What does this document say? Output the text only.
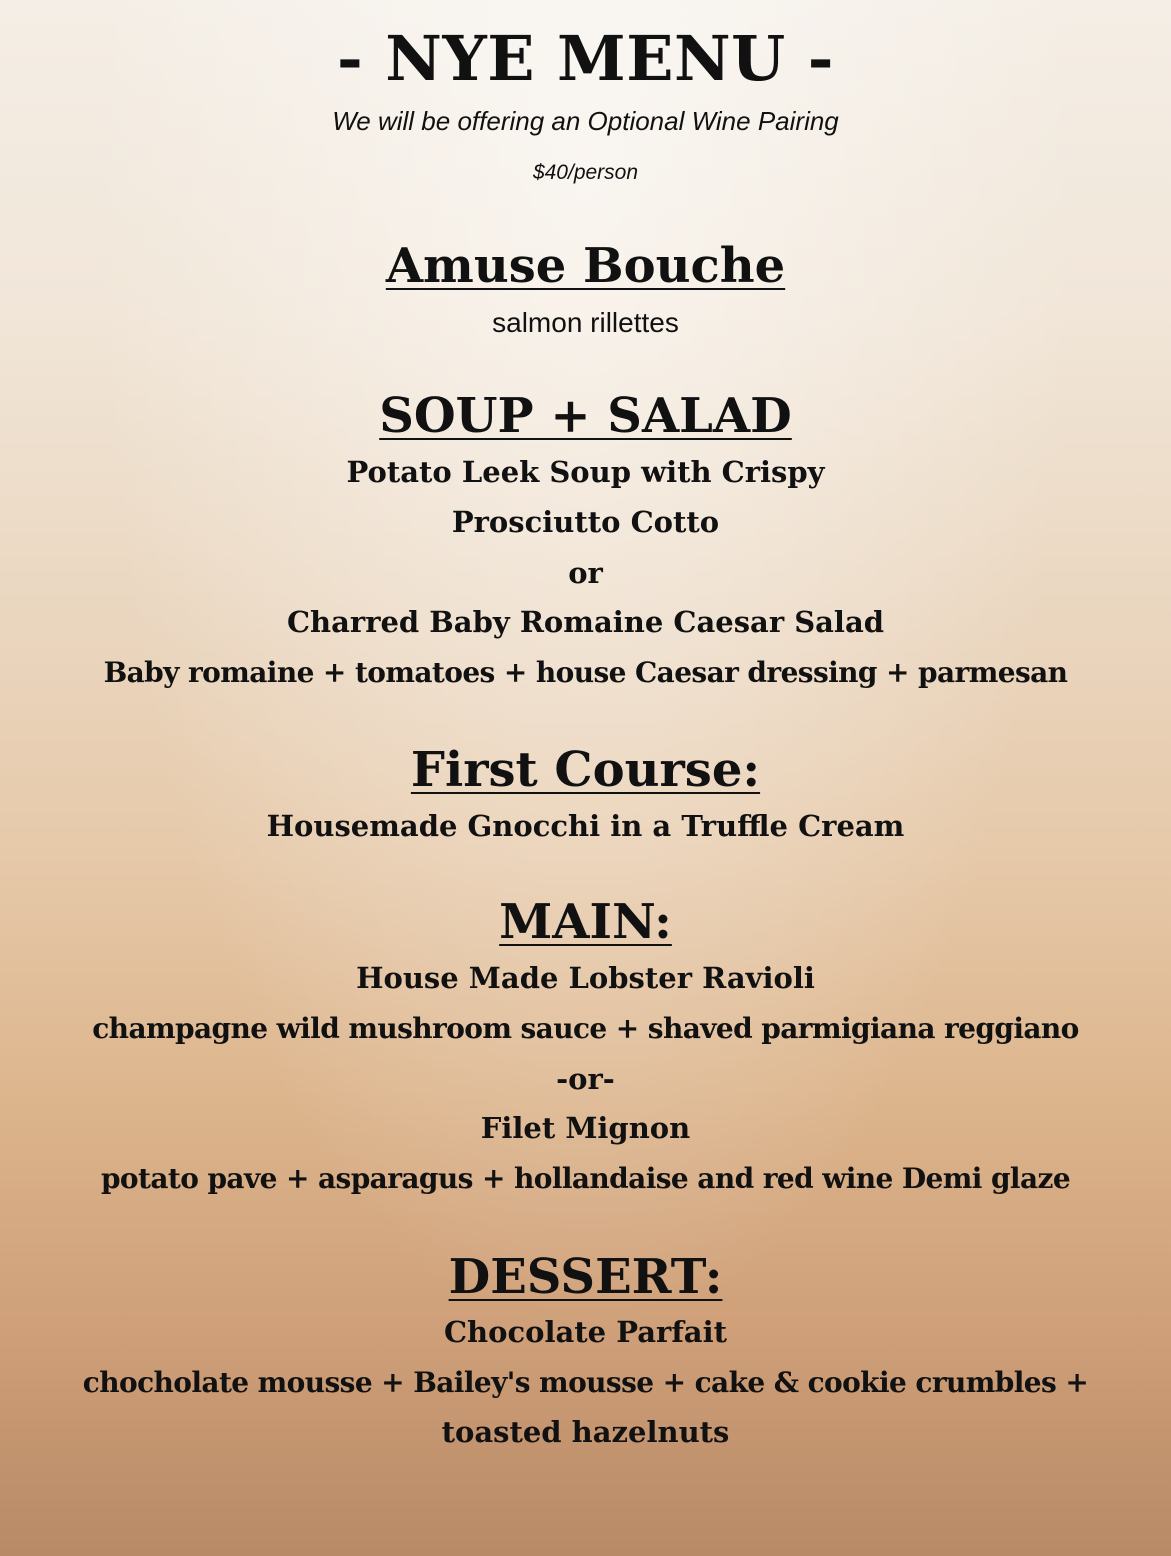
- NYE MENU -
We will be offering an Optional Wine Pairing
$40/person
Amuse Bouche
salmon rillettes
SOUP + SALAD
Potato Leek Soup with Crispy
Prosciutto Cotto
or
Charred Baby Romaine Caesar Salad
Baby romaine + tomatoes + house Caesar dressing + parmesan
First Course:
Housemade Gnocchi in a Truffle Cream
MAIN:
House Made Lobster Ravioli
champagne wild mushroom sauce + shaved parmigiana reggiano
-or-
Filet Mignon
potato pave + asparagus + hollandaise and red wine Demi glaze
DESSERT:
Chocolate Parfait
chocholate mousse + Bailey's mousse + cake & cookie crumbles +
toasted hazelnuts
